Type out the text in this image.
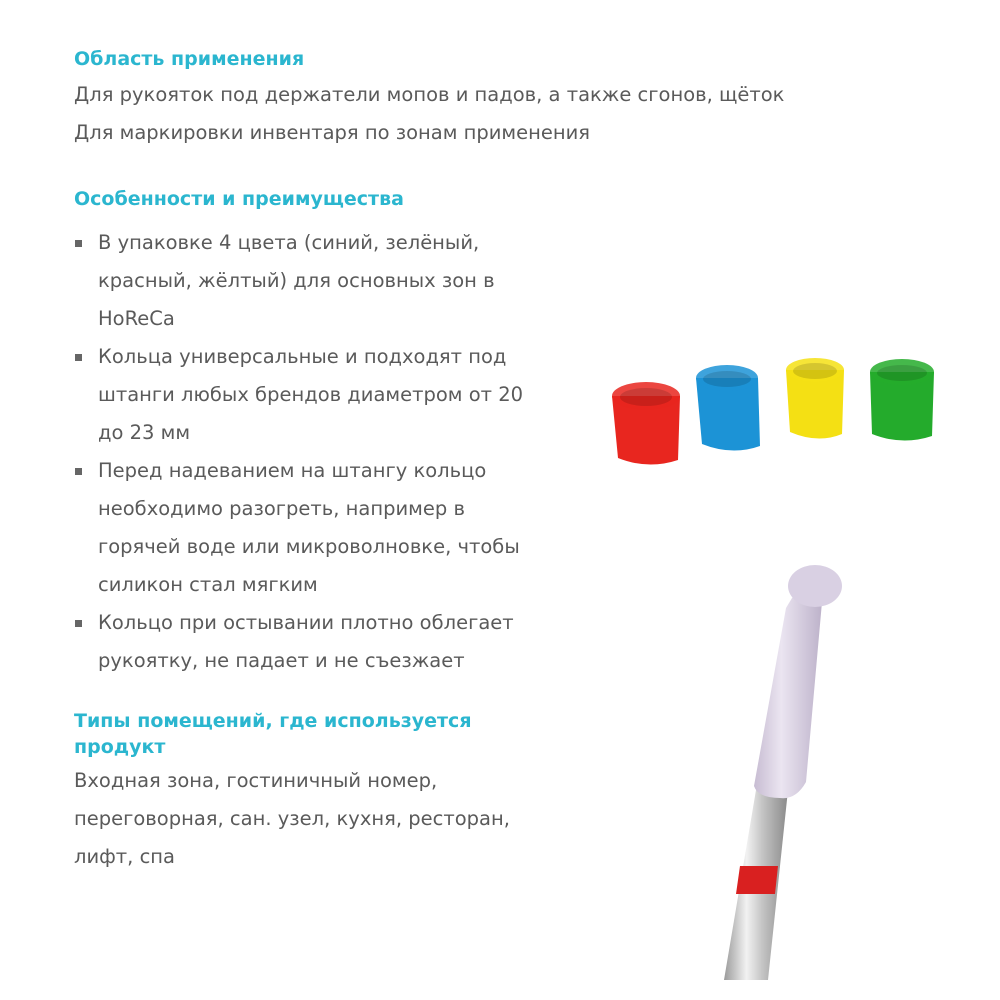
Область применения

Для рукояток под держатели мопов и падов, а также сгонов, щёток

Для маркировки инвентаря по зонам применения

Особенности и преимущества
В упаковке 4 цвета (синий, зелёный,
красный, жёлтый) для основных зон в
HoReCa
Кольца универсальные и подходят под
штанги любых брендов диаметром от 20
до 23 мм
Перед надеванием на штангу кольцо
необходимо разогреть, например в
горячей воде или микроволновке, чтобы
силикон стал мягким
Кольцо при остывании плотно облегает
рукоятку, не падает и не съезжает
Типы помещений, где используется
продукт

Входная зона, гостиничный номер,

переговорная, сан. узел, кухня, ресторан,

лифт, спа
